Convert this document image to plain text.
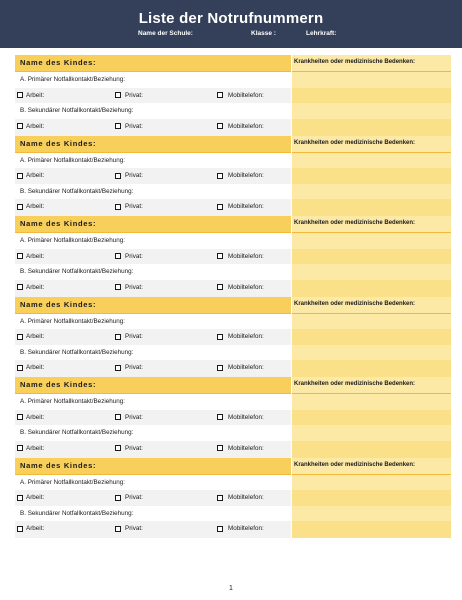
Liste der Notrufnummern
Name der Schule:	Klasse :	Lehrkraft:
Name des Kindes:
A. Primärer Notfallkontakt/Beziehung:
Arbeit:	Privat:	Mobiltelefon:
B. Sekundärer Notfallkontakt/Beziehung:
Arbeit:	Privat:	Mobiltelefon:
Krankheiten oder medizinische Bedenken:
Name des Kindes:
A. Primärer Notfallkontakt/Beziehung:
Arbeit:	Privat:	Mobiltelefon:
B. Sekundärer Notfallkontakt/Beziehung:
Arbeit:	Privat:	Mobiltelefon:
Krankheiten oder medizinische Bedenken:
Name des Kindes:
A. Primärer Notfallkontakt/Beziehung:
Arbeit:	Privat:	Mobiltelefon:
B. Sekundärer Notfallkontakt/Beziehung:
Arbeit:	Privat:	Mobiltelefon:
Krankheiten oder medizinische Bedenken:
Name des Kindes:
A. Primärer Notfallkontakt/Beziehung:
Arbeit:	Privat:	Mobiltelefon:
B. Sekundärer Notfallkontakt/Beziehung:
Arbeit:	Privat:	Mobiltelefon:
Krankheiten oder medizinische Bedenken:
Name des Kindes:
A. Primärer Notfallkontakt/Beziehung:
Arbeit:	Privat:	Mobiltelefon:
B. Sekundärer Notfallkontakt/Beziehung:
Arbeit:	Privat:	Mobiltelefon:
Krankheiten oder medizinische Bedenken:
Name des Kindes:
A. Primärer Notfallkontakt/Beziehung:
Arbeit:	Privat:	Mobiltelefon:
B. Sekundärer Notfallkontakt/Beziehung:
Arbeit:	Privat:	Mobiltelefon:
Krankheiten oder medizinische Bedenken:
1
